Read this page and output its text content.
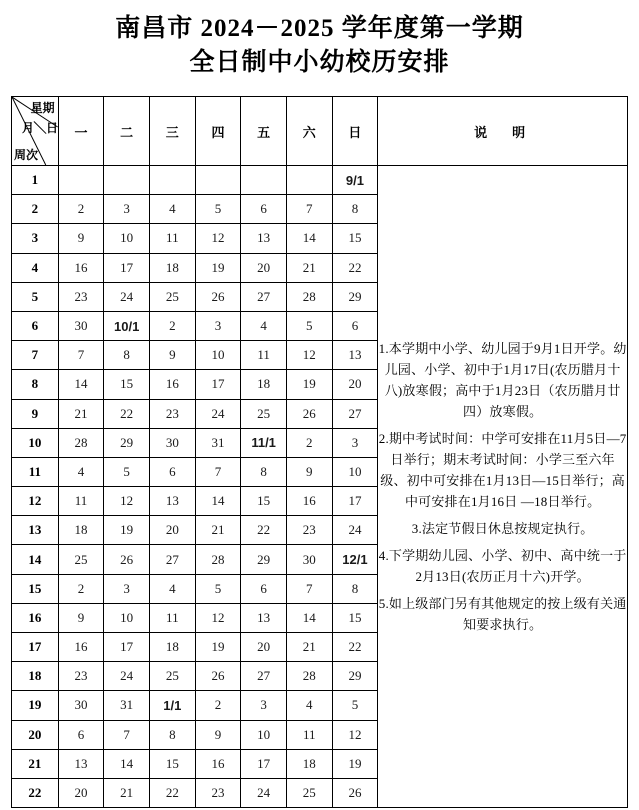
南昌市 2024－2025 学年度第一学期
全日制中小幼校历安排
星期
月╲日
周次	一	二	三	四	五	六	日	说　明
1							9/1	1.本学期中小学、幼儿园于9月1日开学。幼儿园、小学、初中于1月17日(农历腊月十八)放寒假；高中于1月23日（农历腊月廿四）放寒假。

2.期中考试时间：中学可安排在11月5日—7日举行；期末考试时间：小学三至六年级、初中可安排在1月13日—15日举行；高中可安排在1月16日 —18日举行。

3.法定节假日休息按规定执行。

4.下学期幼儿园、小学、初中、高中统一于2月13日(农历正月十六)开学。

5.如上级部门另有其他规定的按上级有关通知要求执行。

2	2	3	4	5	6	7	8	
3	9	10	11	12	13	14	15	
4	16	17	18	19	20	21	22	
5	23	24	25	26	27	28	29	
6	30	10/1	2	3	4	5	6	
7	7	8	9	10	11	12	13	
8	14	15	16	17	18	19	20	
9	21	22	23	24	25	26	27	
10	28	29	30	31	11/1	2	3	
11	4	5	6	7	8	9	10	
12	11	12	13	14	15	16	17	
13	18	19	20	21	22	23	24	
14	25	26	27	28	29	30	12/1	
15	2	3	4	5	6	7	8	
16	9	10	11	12	13	14	15	
17	16	17	18	19	20	21	22	
18	23	24	25	26	27	28	29	
19	30	31	1/1	2	3	4	5	
20	6	7	8	9	10	11	12	
21	13	14	15	16	17	18	19	
22	20	21	22	23	24	25	26	
